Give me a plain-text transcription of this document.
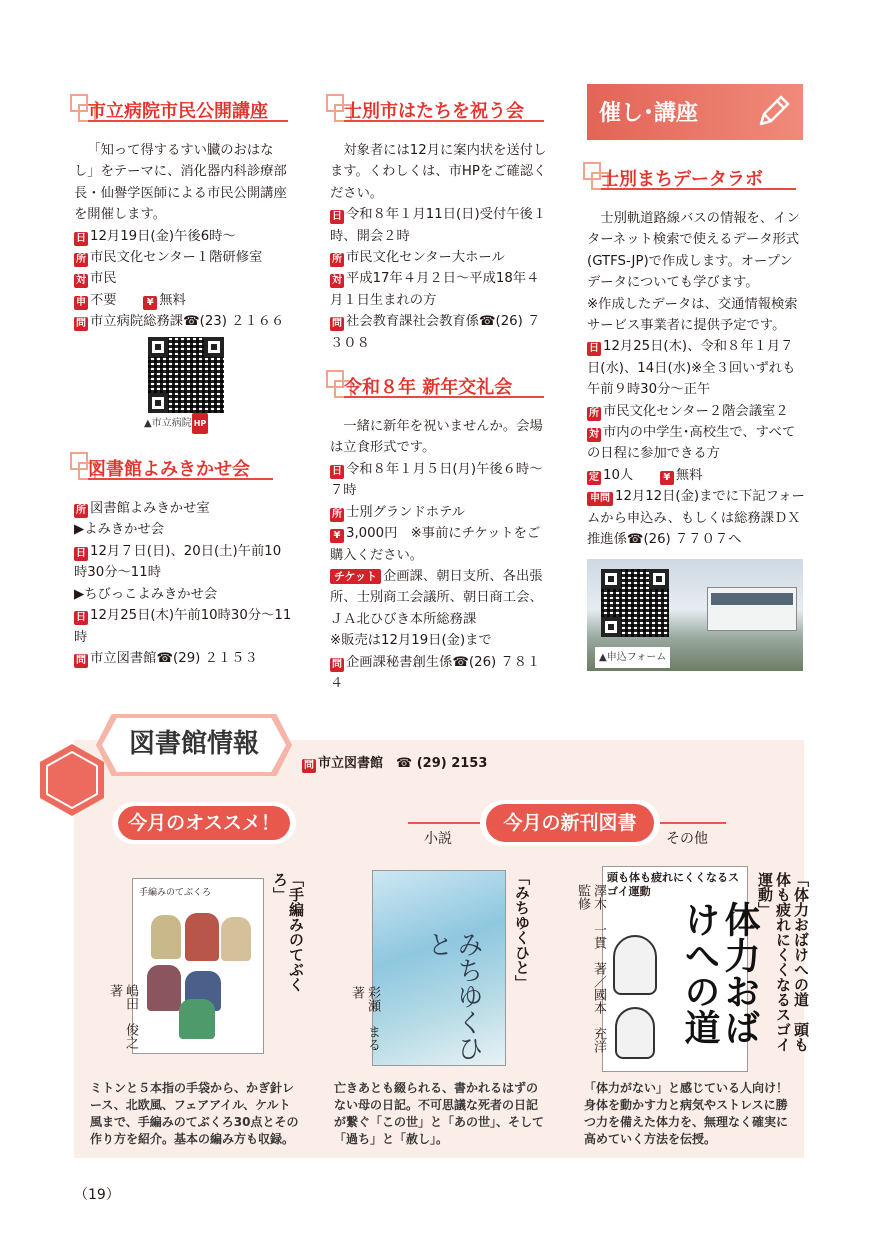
市立病院市民公開講座

「知って得するすい臓のおはなし」をテーマに、消化器内科診療部長・仙譽学医師による市民公開講座を開催します。

日 12月19日(金)午後6時〜

所 市民文化センター１階研修室

対 市民

申 不要　　	¥ 無料

問 市立病院総務課☎(23) ２１６６

▲市立病院 HP
図書館よみきかせ会

所 図書館よみきかせ室

▶よみきかせ会

日 12月７日(日)、20日(土)午前10時30分〜11時

▶ちびっこよみきかせ会

日 12月25日(木)午前10時30分〜11時

問 市立図書館☎(29) ２１５３

士別市はたちを祝う会

対象者には12月に案内状を送付します。くわしくは、市HPをご確認ください。

日 令和８年１月11日(日)受付午後１時、開会２時

所 市民文化センター大ホール

対 平成17年４月２日〜平成18年４月１日生まれの方

問 社会教育課社会教育係☎(26) ７３０８

令和８年 新年交礼会

一緒に新年を祝いませんか。会場は立食形式です。

日 令和８年１月５日(月)午後６時〜７時

所 士別グランドホテル

¥ 3,000円　※事前にチケットをご購入ください。

チケット 企画課、朝日支所、各出張所、士別商工会議所、朝日商工会、ＪＡ北ひびき本所総務課

※販売は12月19日(金)まで

問 企画課秘書創生係☎(26) ７８１４

催し･講座
士別まちデータラボ

士別軌道路線バスの情報を、インターネット検索で使えるデータ形式(GTFS-JP)で作成します。オープンデータについても学びます。

※作成したデータは、交通情報検索サービス事業者に提供予定です。

日 12月25日(木)、令和８年１月７日(水)、14日(水)※全３回いずれも午前９時30分〜正午

所 市民文化センター２階会議室２

対 市内の中学生･高校生で、すべての日程に参加できる方

定 10人　　	¥ 無料

申問 12月12日(金)までに下記フォームから申込み、もしくは総務課ＤＸ推進係☎(26) ７７０７へ

▲申込フォーム
図書館情報
問 市立図書館　☎ (29) 2153
今月のオススメ！	今月の新刊図書
小説	その他
手編みのてぶくろ	「手編みのてぶくろ」
嶋田　俊之　著
ミトンと５本指の手袋から、かぎ針レース、北欧風、フェアアイル、ケルト風まで、手編みのてぶくろ30点とその作り方を紹介。基本の編み方も収録。
みちゆくひと	「みちゆくひと」
彩瀬　まる　著
亡きあとも綴られる、書かれるはずのない母の日記。不可思議な死者の日記が繋ぐ「この世」と「あの世」、そして「過ち」と「赦し」。
頭も体も疲れにくくなるスゴイ運動
体力おばけへの道	「体力おばけへの道　頭も体も疲れにくくなるスゴイ運動」
澤木　一貫　著／國本　充洋　監修
「体力がない」と感じている人向け！身体を動かす力と病気やストレスに勝つ力を備えた体力を、無理なく確実に高めていく方法を伝授。
（19）
